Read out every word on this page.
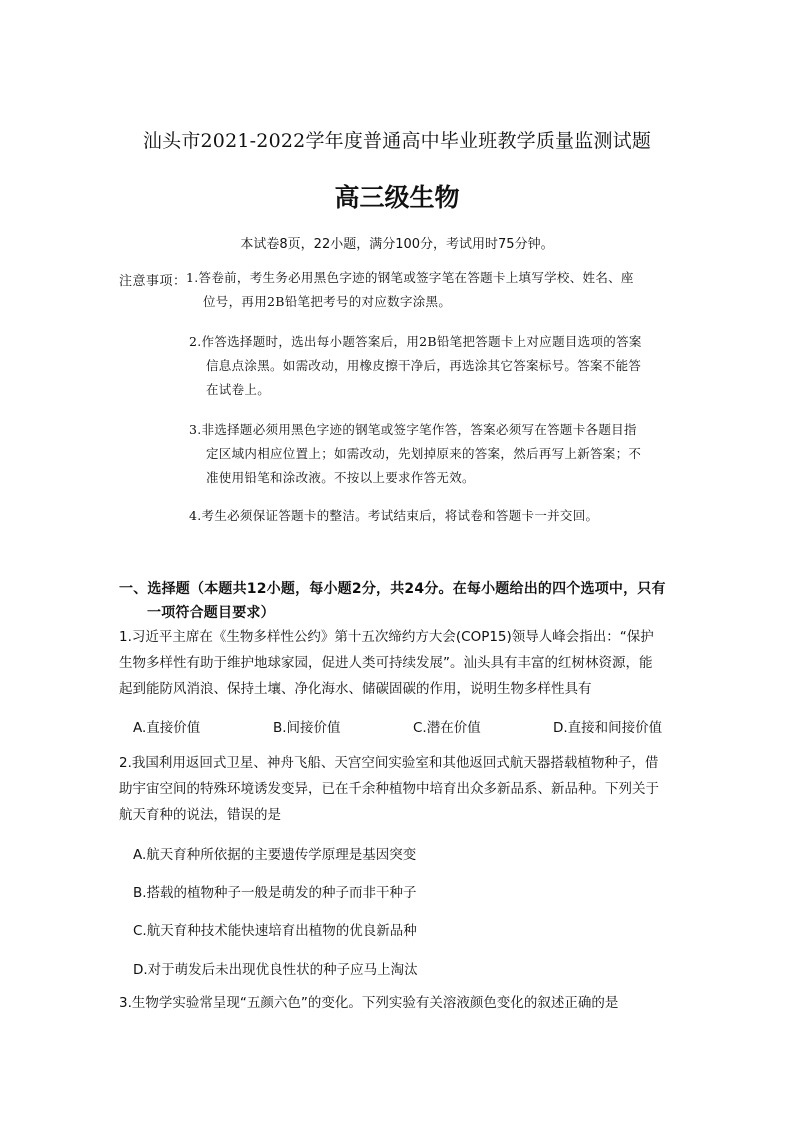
汕头市2021-2022学年度普通高中毕业班教学质量监测试题
高三级生物
本试卷8页，22小题，满分100分，考试用时75分钟。
注意事项： 1.答卷前，考生务必用黑色字迹的钢笔或签字笔在答题卡上填写学校、姓名、座
位号，再用2B铅笔把考号的对应数字涂黑。
2.作答选择题时，选出每小题答案后，用2B铅笔把答题卡上对应题目选项的答案
信息点涂黑。如需改动，用橡皮擦干净后，再选涂其它答案标号。答案不能答
在试卷上。
3.非选择题必须用黑色字迹的钢笔或签字笔作答，答案必须写在答题卡各题目指
定区域内相应位置上；如需改动，先划掉原来的答案，然后再写上新答案；不
准使用铅笔和涂改液。不按以上要求作答无效。
4.考生必须保证答题卡的整洁。考试结束后，将试卷和答题卡一并交回。
一、选择题（本题共12小题，每小题2分，共24分。在每小题给出的四个选项中，只有
一项符合题目要求）
1.习近平主席在《生物多样性公约》第十五次缔约方大会(COP15)领导人峰会指出：“保护
生物多样性有助于维护地球家园，促进人类可持续发展”。汕头具有丰富的红树林资源，能
起到能防风消浪、保持土壤、净化海水、储碳固碳的作用，说明生物多样性具有
A.直接价值	B.间接价值	C.潜在价值	D.直接和间接价值
2.我国利用返回式卫星、神舟飞船、天宫空间实验室和其他返回式航天器搭载植物种子，借
助宇宙空间的特殊环境诱发变异，已在千余种植物中培育出众多新品系、新品种。下列关于
航天育种的说法，错误的是
A.航天育种所依据的主要遗传学原理是基因突变
B.搭载的植物种子一般是萌发的种子而非干种子
C.航天育种技术能快速培育出植物的优良新品种
D.对于萌发后未出现优良性状的种子应马上淘汰
3.生物学实验常呈现“五颜六色”的变化。下列实验有关溶液颜色变化的叙述正确的是
